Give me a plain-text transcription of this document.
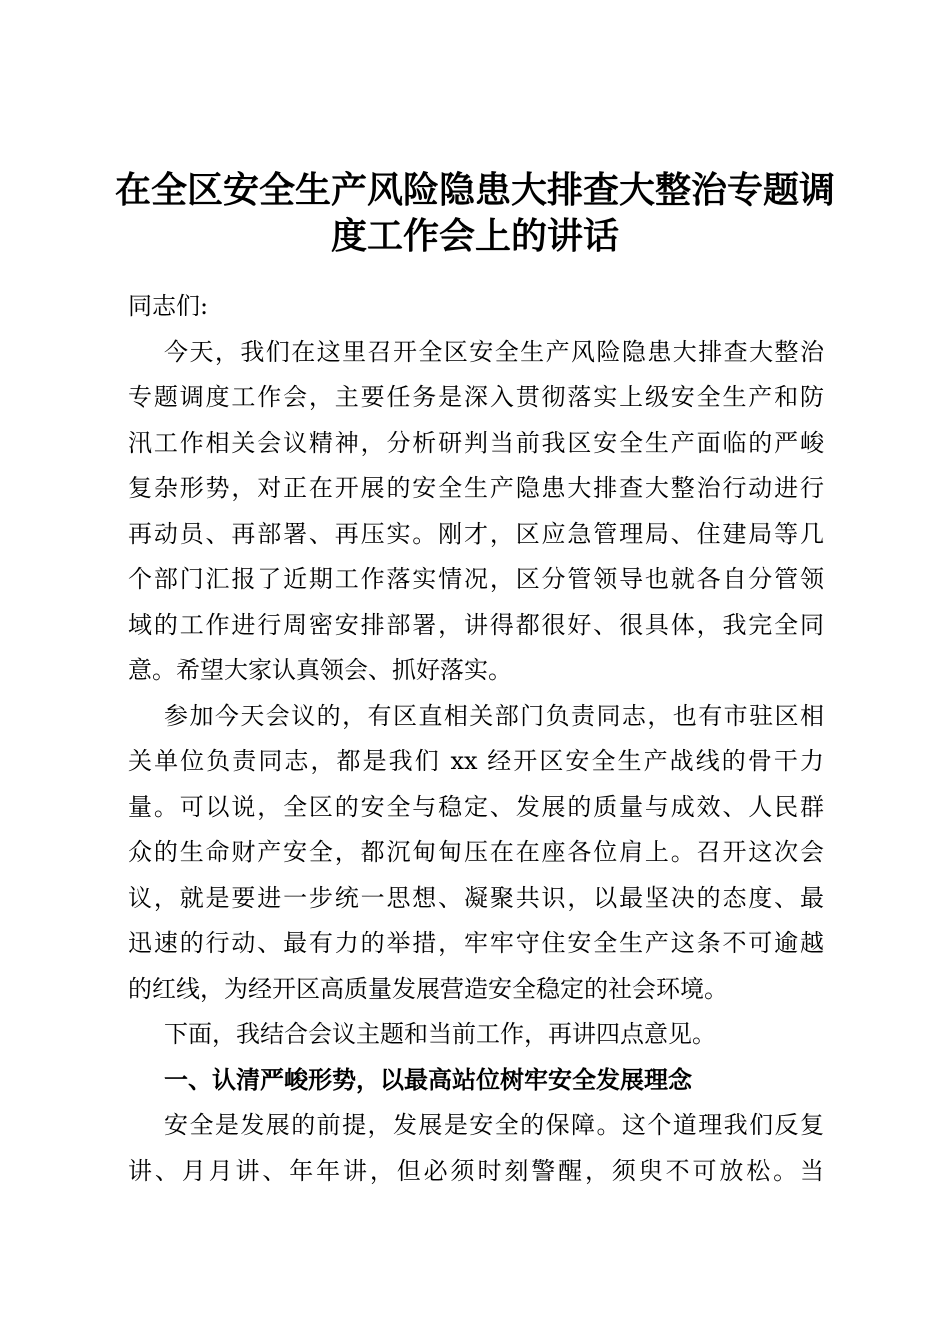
在全区安全生产风险隐患大排查大整治专题调
度工作会上的讲话
同志们:
今天，我们在这里召开全区安全生产风险隐患大排查大整治
专题调度工作会，主要任务是深入贯彻落实上级安全生产和防
汛工作相关会议精神，分析研判当前我区安全生产面临的严峻
复杂形势，对正在开展的安全生产隐患大排查大整治行动进行
再动员、再部署、再压实。刚才，区应急管理局、住建局等几
个部门汇报了近期工作落实情况，区分管领导也就各自分管领
域的工作进行周密安排部署，讲得都很好、很具体，我完全同
意。希望大家认真领会、抓好落实。
参加今天会议的，有区直相关部门负责同志，也有市驻区相
关单位负责同志，都是我们 xx 经开区安全生产战线的骨干力
量。可以说，全区的安全与稳定、发展的质量与成效、人民群
众的生命财产安全，都沉甸甸压在在座各位肩上。召开这次会
议，就是要进一步统一思想、凝聚共识，以最坚决的态度、最
迅速的行动、最有力的举措，牢牢守住安全生产这条不可逾越
的红线，为经开区高质量发展营造安全稳定的社会环境。
下面，我结合会议主题和当前工作，再讲四点意见。
一、认清严峻形势，以最高站位树牢安全发展理念
安全是发展的前提，发展是安全的保障。这个道理我们反复
讲、月月讲、年年讲，但必须时刻警醒，须臾不可放松。当
